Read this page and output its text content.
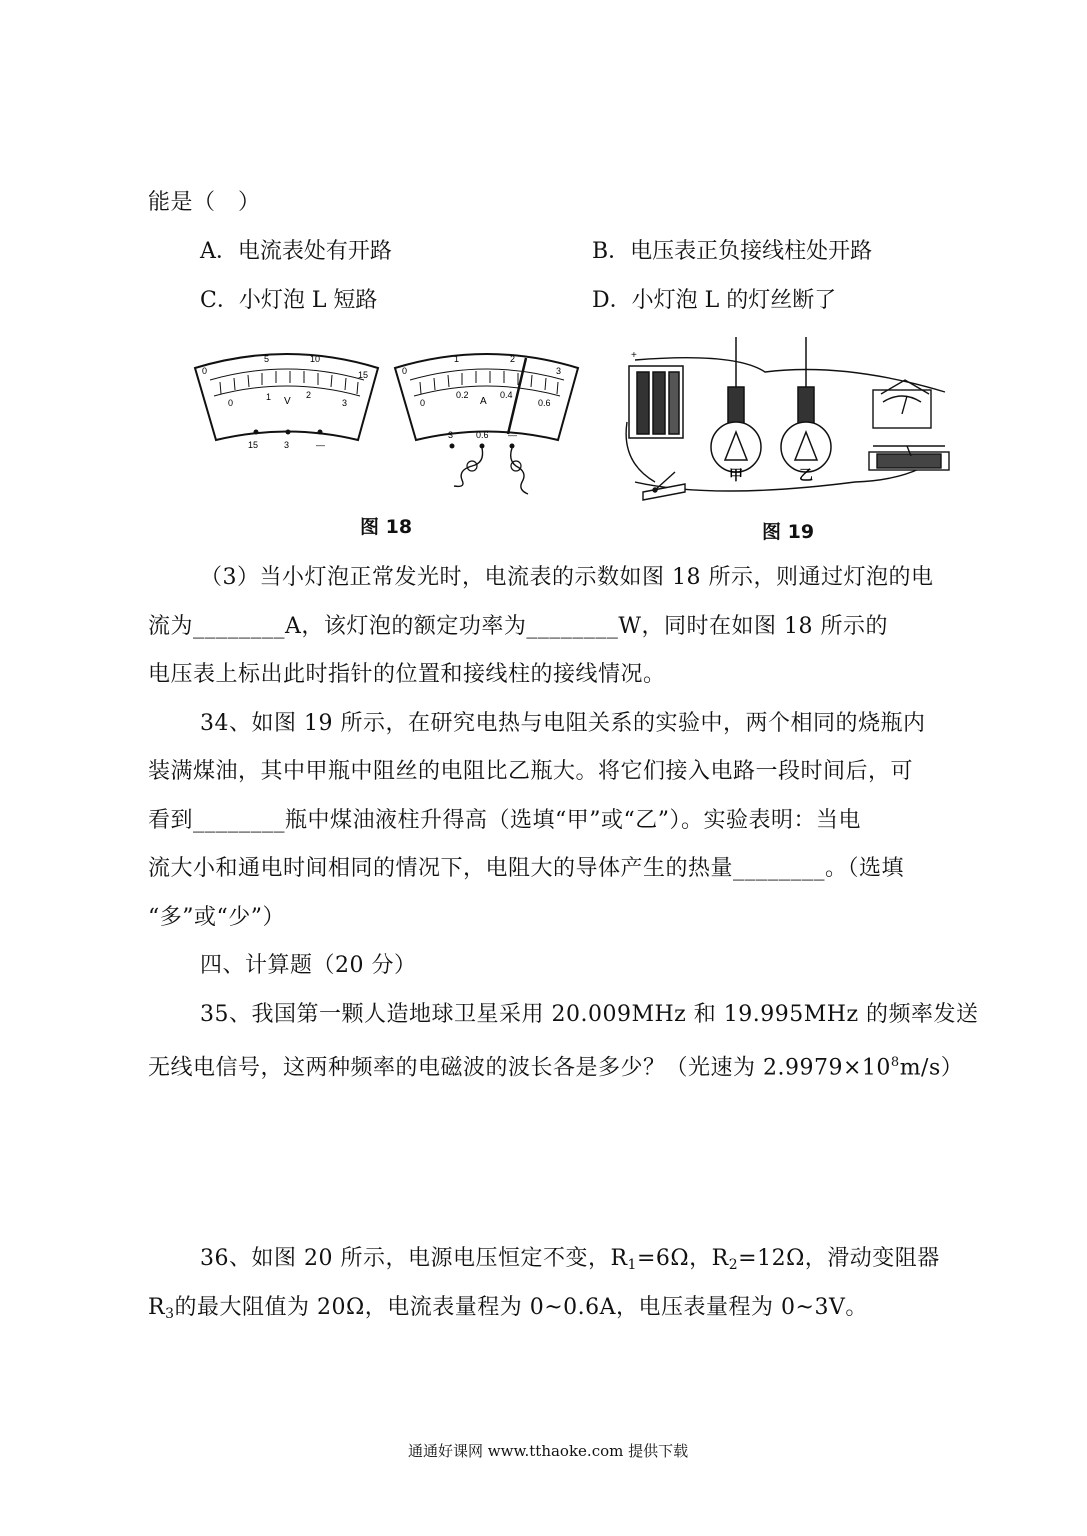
能是（　）
A．电流表处有开路	B．电压表正负接线柱处开路
C．小灯泡 L 短路	D．小灯泡 L 的灯丝断了
0
5	10
15
0
1	2
3
V
15	3	—
0
1	2
3
0
0.2	0.4
0.6
A
3	0.6 —
图 18
+
甲	乙
图 19
（3）当小灯泡正常发光时，电流表的示数如图 18 所示，则通过灯泡的电
流为________A，该灯泡的额定功率为________W，同时在如图 18 所示的
电压表上标出此时指针的位置和接线柱的接线情况。
34、如图 19 所示，在研究电热与电阻关系的实验中，两个相同的烧瓶内
装满煤油，其中甲瓶中阻丝的电阻比乙瓶大。将它们接入电路一段时间后，可
看到________瓶中煤油液柱升得高（选填“甲”或“乙”）。实验表明：当电
流大小和通电时间相同的情况下，电阻大的导体产生的热量________。（选填
“多”或“少”）
四、计算题（20 分）
35、我国第一颗人造地球卫星采用 20.009MHz 和 19.995MHz 的频率发送
无线电信号，这两种频率的电磁波的波长各是多少？（光速为 $2.9979\times 10^8m/s$）
36、如图 20 所示，电源电压恒定不变，$R_1=6\Omega$，$R_2=12\Omega$，滑动变阻器
$R_3$的最大阻值为 20Ω，电流表量程为 0~0.6A，电压表量程为 0~3V。
通通好课网 www.tthaoke.com 提供下载
